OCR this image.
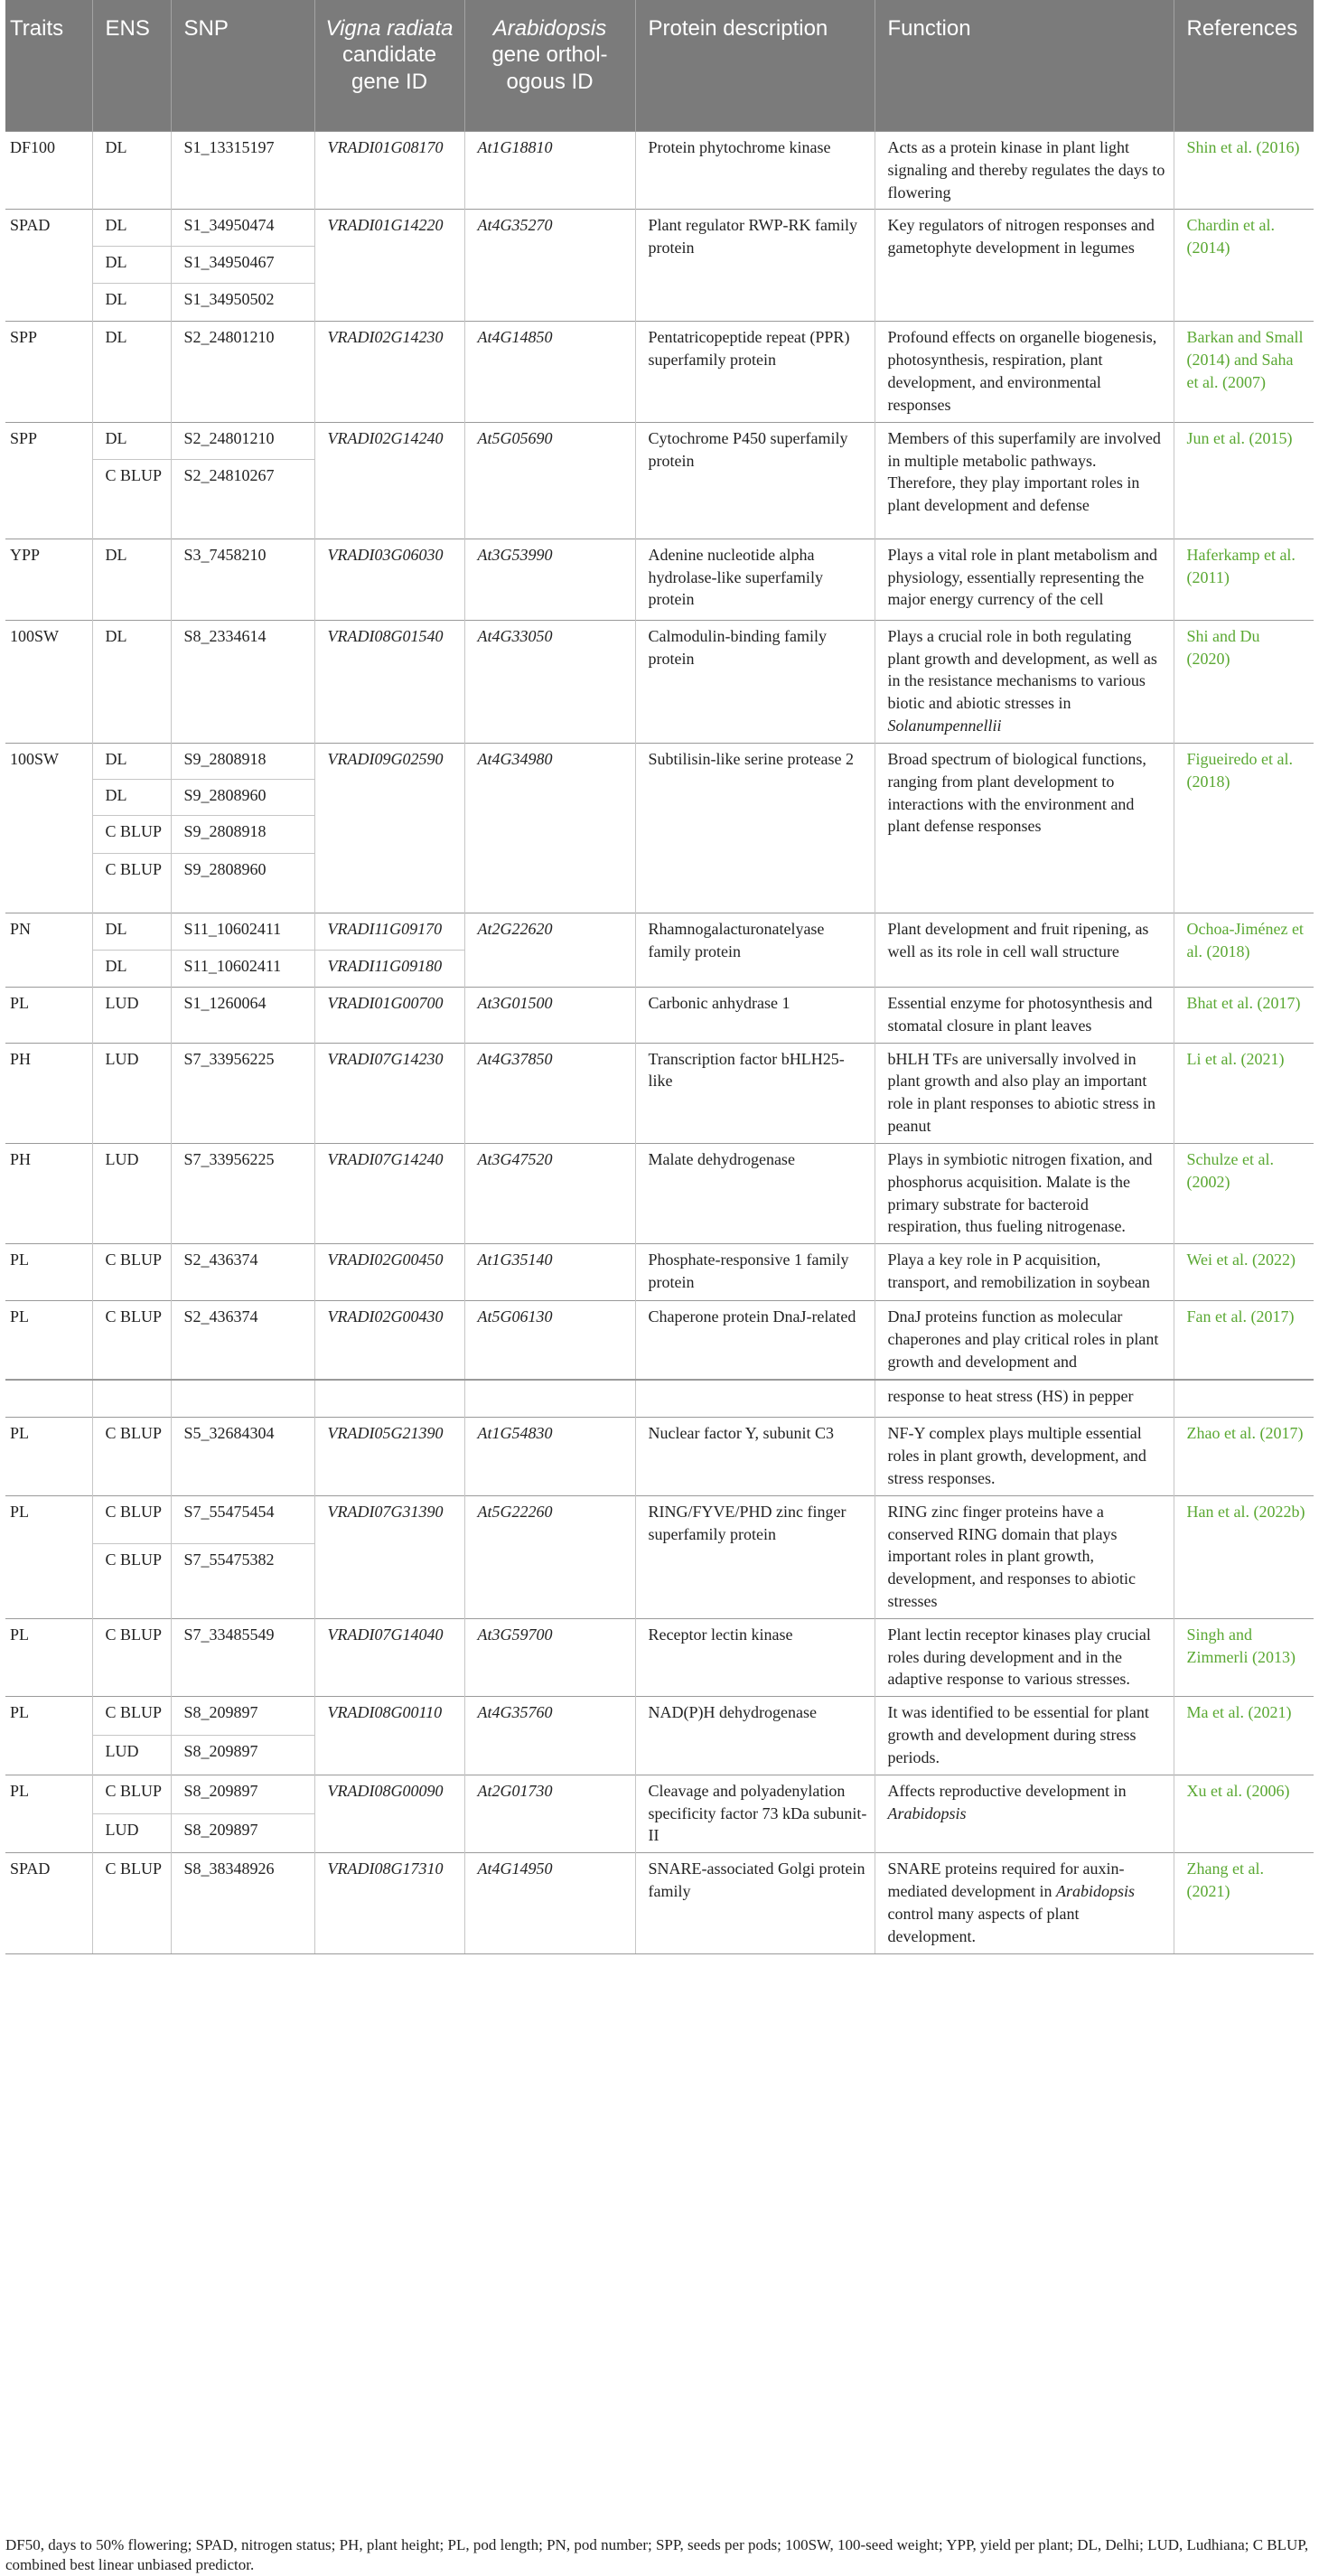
Traits	ENS	SNP	Vigna radiata candidate gene ID	Arabidopsis gene orthol-ogous ID	Protein description	Function	References
DF100	DL	S1_13315197	VRADI01G08170	At1G18810	Protein phytochrome kinase	Acts as a protein kinase in plant light signaling and thereby regulates the days to flowering	Shin et al. (2016)
SPAD	DL	S1_34950474	VRADI01G14220	At4G35270	Plant regulator RWP-RK family protein	Key regulators of nitrogen responses and gametophyte development in legumes	Chardin et al. (2014)
	DL	S1_34950467					
	DL	S1_34950502					
SPP	DL	S2_24801210	VRADI02G14230	At4G14850	Pentatricopeptide repeat (PPR) superfamily protein	Profound effects on organelle biogenesis, photosynthesis, respiration, plant development, and environmental responses	Barkan and Small (2014) and Saha et al. (2007)
SPP	DL	S2_24801210	VRADI02G14240	At5G05690	Cytochrome P450 superfamily protein	Members of this superfamily are involved in multiple metabolic pathways. Therefore, they play important roles in plant development and defense	Jun et al. (2015)
	C BLUP	S2_24810267					
YPP	DL	S3_7458210	VRADI03G06030	At3G53990	Adenine nucleotide alpha hydrolase-like superfamily protein	Plays a vital role in plant metabolism and physiology, essentially representing the major energy currency of the cell	Haferkamp et al. (2011)
100SW	DL	S8_2334614	VRADI08G01540	At4G33050	Calmodulin-binding family protein	Plays a crucial role in both regulating plant growth and development, as well as in the resistance mechanisms to various biotic and abiotic stresses in Solanumpennellii	Shi and Du (2020)
100SW	DL	S9_2808918	VRADI09G02590	At4G34980	Subtilisin-like serine protease 2	Broad spectrum of biological functions, ranging from plant development to interactions with the environment and plant defense responses	Figueiredo et al. (2018)
	DL	S9_2808960					
	C BLUP	S9_2808918					
	C BLUP	S9_2808960					
PN	DL	S11_10602411	VRADI11G09170	At2G22620	Rhamnogalacturonatelyase family protein	Plant development and fruit ripening, as well as its role in cell wall structure	Ochoa-Jiménez et al. (2018)
	DL	S11_10602411	VRADI11G09180				
PL	LUD	S1_1260064	VRADI01G00700	At3G01500	Carbonic anhydrase 1	Essential enzyme for photosynthesis and stomatal closure in plant leaves	Bhat et al. (2017)
PH	LUD	S7_33956225	VRADI07G14230	At4G37850	Transcription factor bHLH25-like	bHLH TFs are universally involved in plant growth and also play an important role in plant responses to abiotic stress in peanut	Li et al. (2021)
PH	LUD	S7_33956225	VRADI07G14240	At3G47520	Malate dehydrogenase	Plays in symbiotic nitrogen fixation, and phosphorus acquisition. Malate is the primary substrate for bacteroid respiration, thus fueling nitrogenase.	Schulze et al. (2002)
PL	C BLUP	S2_436374	VRADI02G00450	At1G35140	Phosphate-responsive 1 family protein	Playa a key role in P acquisition, transport, and remobilization in soybean	Wei et al. (2022)
PL	C BLUP	S2_436374	VRADI02G00430	At5G06130	Chaperone protein DnaJ-related	DnaJ proteins function as molecular chaperones and play critical roles in plant growth and development and	Fan et al. (2017)
						response to heat stress (HS) in pepper	
PL	C BLUP	S5_32684304	VRADI05G21390	At1G54830	Nuclear factor Y, subunit C3	NF-Y complex plays multiple essential roles in plant growth, development, and stress responses.	Zhao et al. (2017)
PL	C BLUP	S7_55475454	VRADI07G31390	At5G22260	RING/FYVE/PHD zinc finger superfamily protein	RING zinc finger proteins have a conserved RING domain that plays important roles in plant growth, development, and responses to abiotic stresses	Han et al. (2022b)
	C BLUP	S7_55475382					
PL	C BLUP	S7_33485549	VRADI07G14040	At3G59700	Receptor lectin kinase	Plant lectin receptor kinases play crucial roles during development and in the adaptive response to various stresses.	Singh and Zimmerli (2013)
PL	C BLUP	S8_209897	VRADI08G00110	At4G35760	NAD(P)H dehydrogenase	It was identified to be essential for plant growth and development during stress periods.	Ma et al. (2021)
	LUD	S8_209897					
PL	C BLUP	S8_209897	VRADI08G00090	At2G01730	Cleavage and polyadenylation specificity factor 73 kDa subunit-II	Affects reproductive development in Arabidopsis	Xu et al. (2006)
	LUD	S8_209897					
SPAD	C BLUP	S8_38348926	VRADI08G17310	At4G14950	SNARE-associated Golgi protein family	SNARE proteins required for auxin-mediated development in Arabidopsis control many aspects of plant development.	Zhang et al. (2021)
DF50, days to 50% flowering; SPAD, nitrogen status; PH, plant height; PL, pod length; PN, pod number; SPP, seeds per pods; 100SW, 100-seed weight; YPP, yield per plant; DL, Delhi; LUD, Ludhiana; C BLUP, combined best linear unbiased predictor.
